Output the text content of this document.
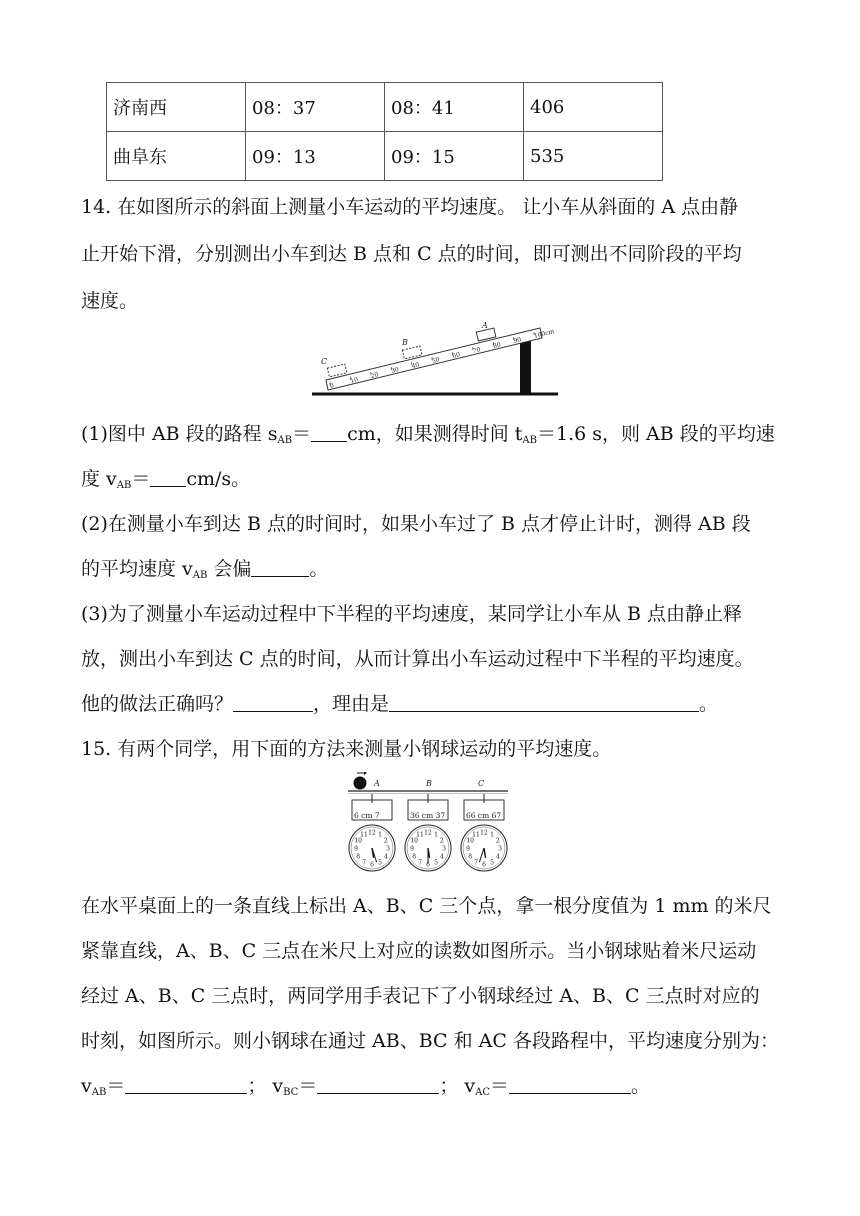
济南西	08：37	08：41	406
曲阜东	09：13	09：15	535
14. 在如图所示的斜面上测量小车运动的平均速度。 让小车从斜面的 A 点由静
止开始下滑，分别测出小车到达 B 点和 C 点的时间，即可测出不同阶段的平均
速度。
0
10
20
30
40
50
60
70
80
90
100cm
A
B
C
(1)图中 AB 段的路程 $s_{AB}=$ cm，如果测得时间 $t_{AB}=1.6$ s，则 AB 段的平均速
度 $v_{AB}= cm/s$。
(2)在测量小车到达 B 点的时间时，如果小车过了 B 点才停止计时，测得 AB 段
的平均速度 $v_{AB}$ 会偏	。
(3)为了测量小车运动过程中下半程的平均速度，某同学让小车从 B 点由静止释
放，测出小车到达 C 点的时间，从而计算出小车运动过程中下半程的平均速度。
他的做法正确吗？	，理由是	。
15. 有两个同学，用下面的方法来测量小钢球运动的平均速度。
A	B	C
6 cm 7	36 cm 37	66 cm 67
12 1
2
3
4
5
6
7
8
9
10
11	12 1
2
3
4
5
6
7
8
9
10
11	12 1
2
3
4
5
6
7
8
9
10
11
在水平桌面上的一条直线上标出 A、B、C 三个点，拿一根分度值为 1 mm 的米尺
紧靠直线，A、B、C 三点在米尺上对应的读数如图所示。当小钢球贴着米尺运动
经过 A、B、C 三点时，两同学用手表记下了小钢球经过 A、B、C 三点时对应的
时刻，如图所示。则小钢球在通过 AB、BC 和 AC 各段路程中，平均速度分别为：
$v_{AB}=$	； $v_{BC}=$	； $v_{AC}=$	。
